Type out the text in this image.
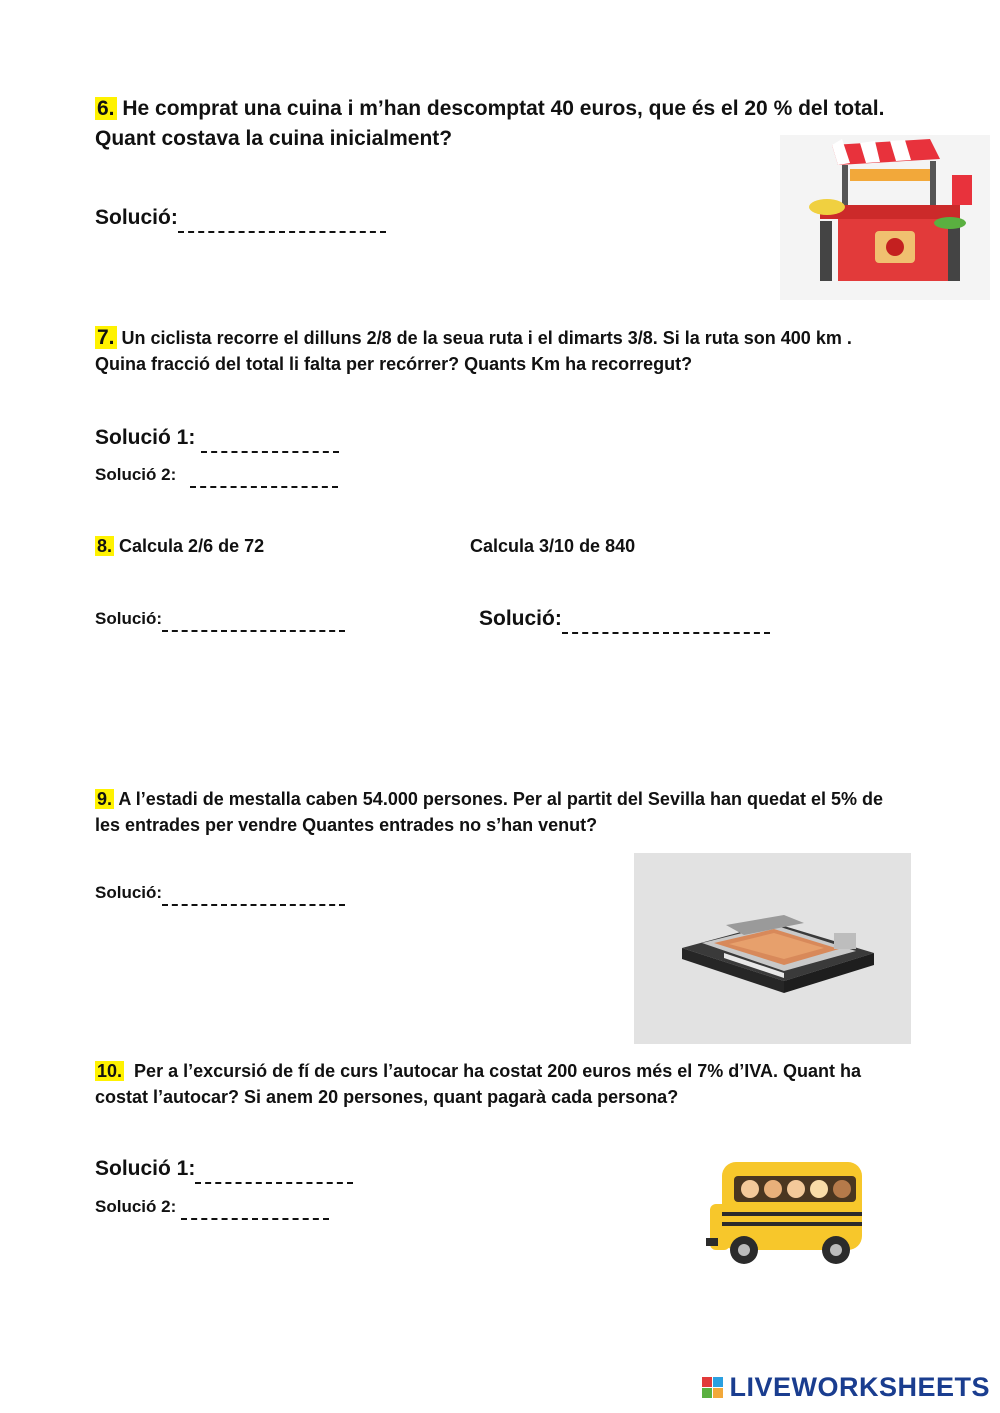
6. He comprat una cuina i m’han descomptat 40 euros, que és el 20 % del total. Quant costava la cuina inicialment?
Solució:
7. Un ciclista recorre el dilluns 2/8 de la seua ruta i el dimarts 3/8. Si la ruta son 400 km . Quina fracció del total li falta per recórrer? Quants Km ha recorregut?
Solució 1:
Solució 2:
8. Calcula 2/6 de 72	Calcula 3/10 de 840
Solució:	Solució:
9. A l’estadi de mestalla caben 54.000 persones. Per al partit del Sevilla han quedat el 5% de les entrades per vendre Quantes entrades no s’han venut?
Solució:
10. Per a l’excursió de fí de curs l’autocar ha costat 200 euros més el 7% d’IVA. Quant ha costat l’autocar? Si anem 20 persones, quant pagarà cada persona?
Solució 1:
Solució 2:
LIVEWORKSHEETS
